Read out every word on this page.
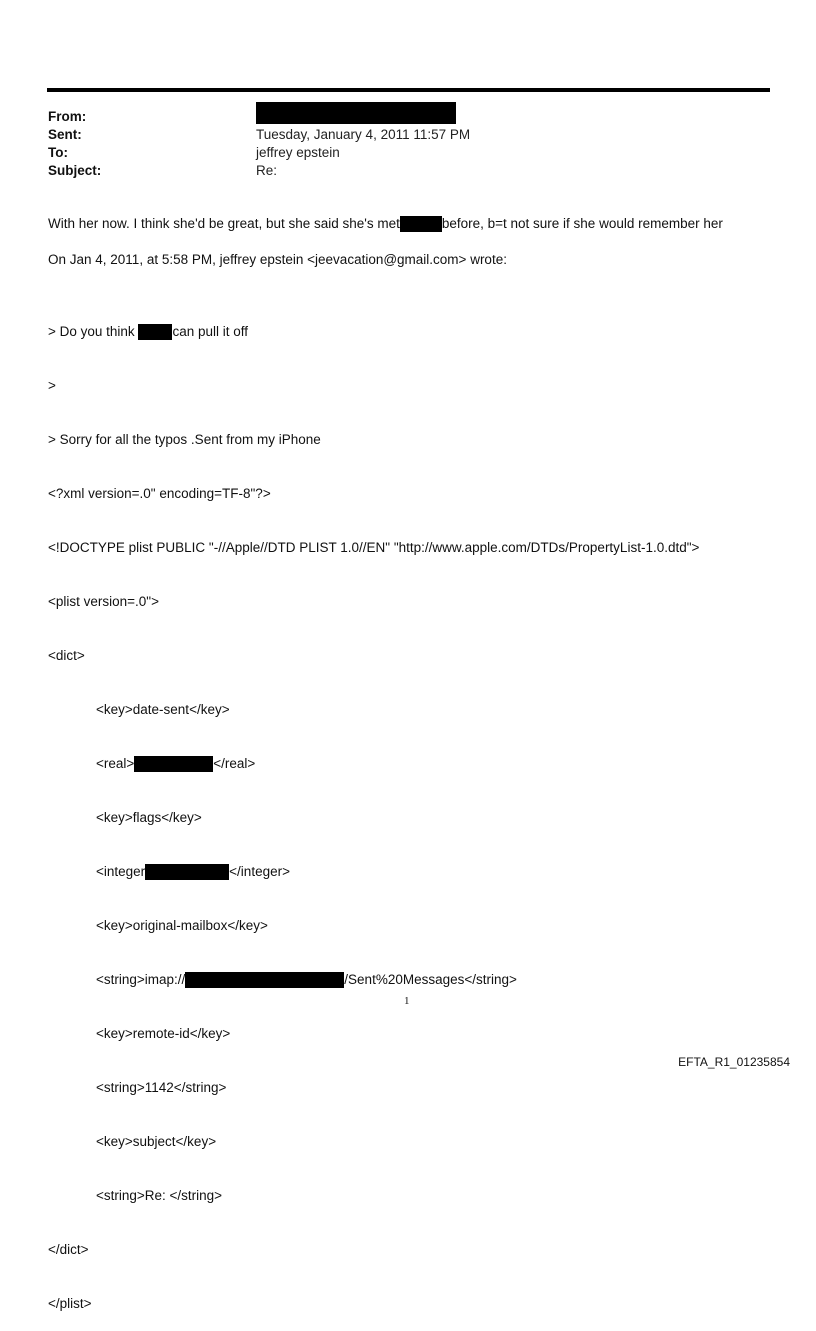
From:
Sent:	Tuesday, January 4, 2011 11:57 PM
To:	jeffrey epstein
Subject:	Re:
With her now. I think she'd be great, but she said she's met	before, b=t not sure if she would remember her
On Jan 4, 2011, at 5:58 PM, jeffrey epstein <jeevacation@gmail.com> wrote:

> Do you think	can pull it off

>

> Sorry for all the typos .Sent from my iPhone

<?xml version=.0" encoding=TF-8"?>

<!DOCTYPE plist PUBLIC "-//Apple//DTD PLIST 1.0//EN" "http://www.apple.com/DTDs/PropertyList-1.0.dtd">

<plist version=.0">

<dict>

<key>date-sent</key>

<real>	</real>

<key>flags</key>

<integer	</integer>

<key>original-mailbox</key>

<string>imap://	/Sent%20Messages</string>

<key>remote-id</key>

<string>1142</string>

<key>subject</key>

<string>Re: </string>

</dict>

</plist>

1
EFTA_R1_01235854
